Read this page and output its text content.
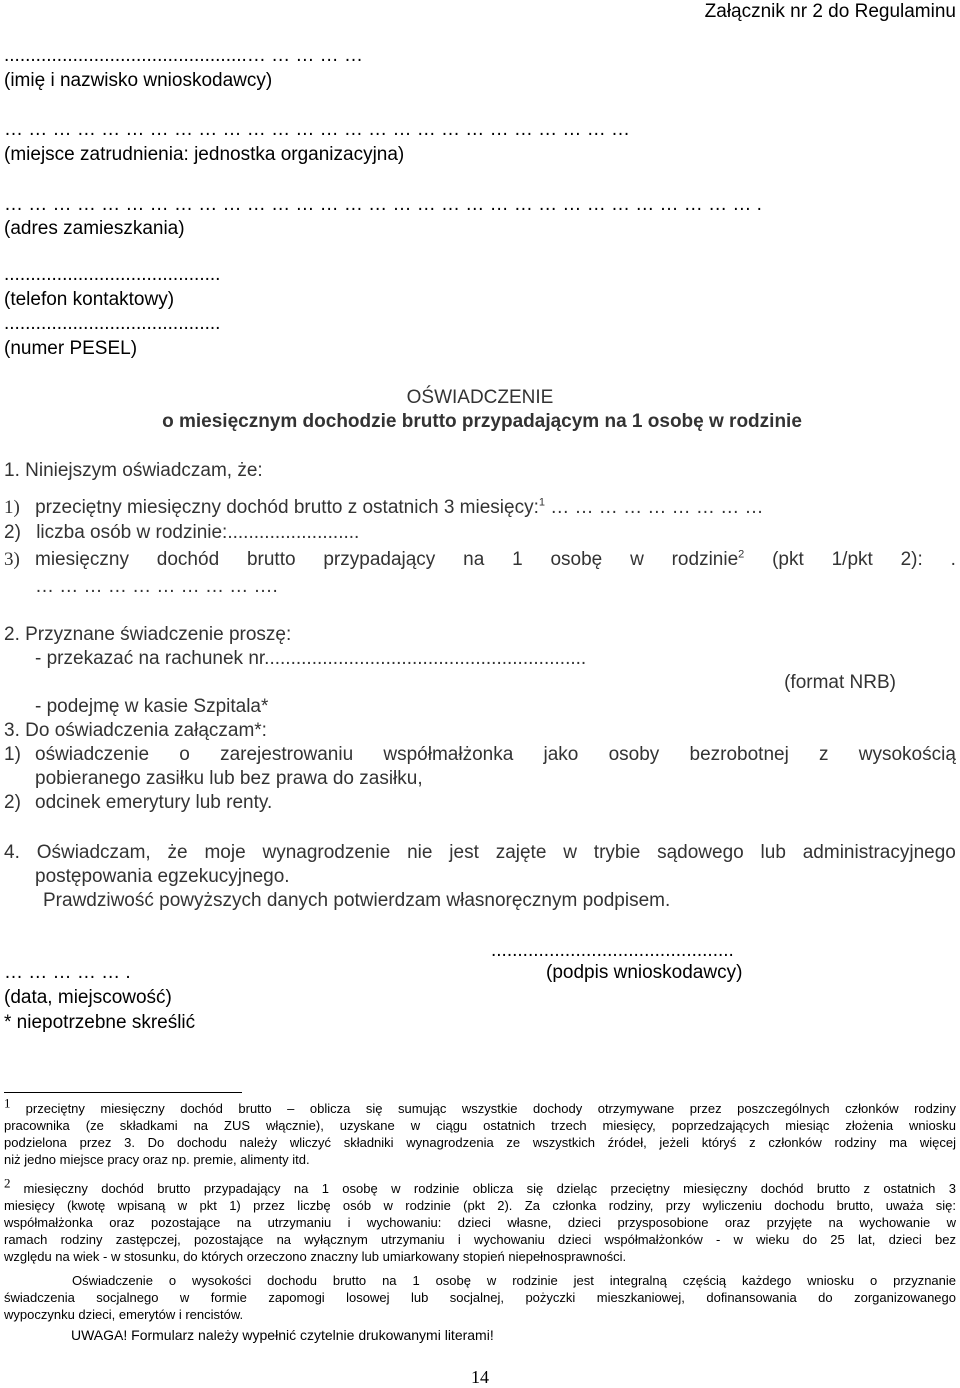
Załącznik nr 2 do Regulaminu
..............................................… … … … …
(imię i nazwisko wnioskodawcy)
… … … … … … … … … … … … … … … … … … … … … … … … … …
(miejsce zatrudnienia: jednostka organizacyjna)
… … … … … … … … … … … … … … … … … … … … … … … … … … … … … … … .
(adres zamieszkania)
.........................................
(telefon kontaktowy)
.........................................
(numer PESEL)
OŚWIADCZENIE
o miesięcznym dochodzie brutto przypadającym na 1 osobę w rodzinie
1. Niniejszym oświadczam, że:
1) przeciętny miesięczny dochód brutto z ostatnich 3 miesięcy:$^1$ … … … … … … … … …
2) liczba osób w rodzinie:.........................
3) miesięczny dochód brutto przypadający na 1 osobę w rodzinie$^2$ (pkt 1/pkt 2): .
… … … … … … … … … ….
2. Przyznane świadczenie proszę:
- przekazać na rachunek nr.............................................................
(format NRB)
- podejmę w kasie Szpitala*
3. Do oświadczenia załączam*:
1) oświadczenie o zarejestrowaniu współmałżonka jako osoby bezrobotnej z wysokością
pobieranego zasiłku lub bez prawa do zasiłku,
2) odcinek emerytury lub renty.
4. Oświadczam, że moje wynagrodzenie nie jest zajęte w trybie sądowego lub administracyjnego
postępowania egzekucyjnego.
Prawdziwość powyższych danych potwierdzam własnoręcznym podpisem.
..............................................
… … … … … .	(podpis wnioskodawcy)
(data, miejscowość)
* niepotrzebne skreślić
1 przeciętny miesięczny dochód brutto – oblicza się sumując wszystkie dochody otrzymywane przez poszczególnych członków rodziny
pracownika (ze składkami na ZUS włącznie), uzyskane w ciągu ostatnich trzech miesięcy, poprzedzających miesiąc złożenia wniosku
podzielona przez 3. Do dochodu należy wliczyć składniki wynagrodzenia ze wszystkich źródeł, jeżeli któryś z członków rodziny ma więcej
niż jedno miejsce pracy oraz np. premie, alimenty itd.
2 miesięczny dochód brutto przypadający na 1 osobę w rodzinie oblicza się dzieląc przeciętny miesięczny dochód brutto z ostatnich 3
miesięcy (kwotę wpisaną w pkt 1) przez liczbę osób w rodzinie (pkt 2). Za członka rodziny, przy wyliczeniu dochodu brutto, uważa się:
współmałżonka oraz pozostające na utrzymaniu i wychowaniu: dzieci własne, dzieci przysposobione oraz przyjęte na wychowanie w
ramach rodziny zastępczej, pozostające na wyłącznym utrzymaniu i wychowaniu dzieci współmałżonków - w wieku do 25 lat, dzieci bez
względu na wiek - w stosunku, do których orzeczono znaczny lub umiarkowany stopień niepełnosprawności.
Oświadczenie o wysokości dochodu brutto na 1 osobę w rodzinie jest integralną częścią każdego wniosku o przyznanie
świadczenia socjalnego w formie zapomogi losowej lub socjalnej, pożyczki mieszkaniowej, dofinansowania do zorganizowanego
wypoczynku dzieci, emerytów i rencistów.
UWAGA! Formularz należy wypełnić czytelnie drukowanymi literami!
14
